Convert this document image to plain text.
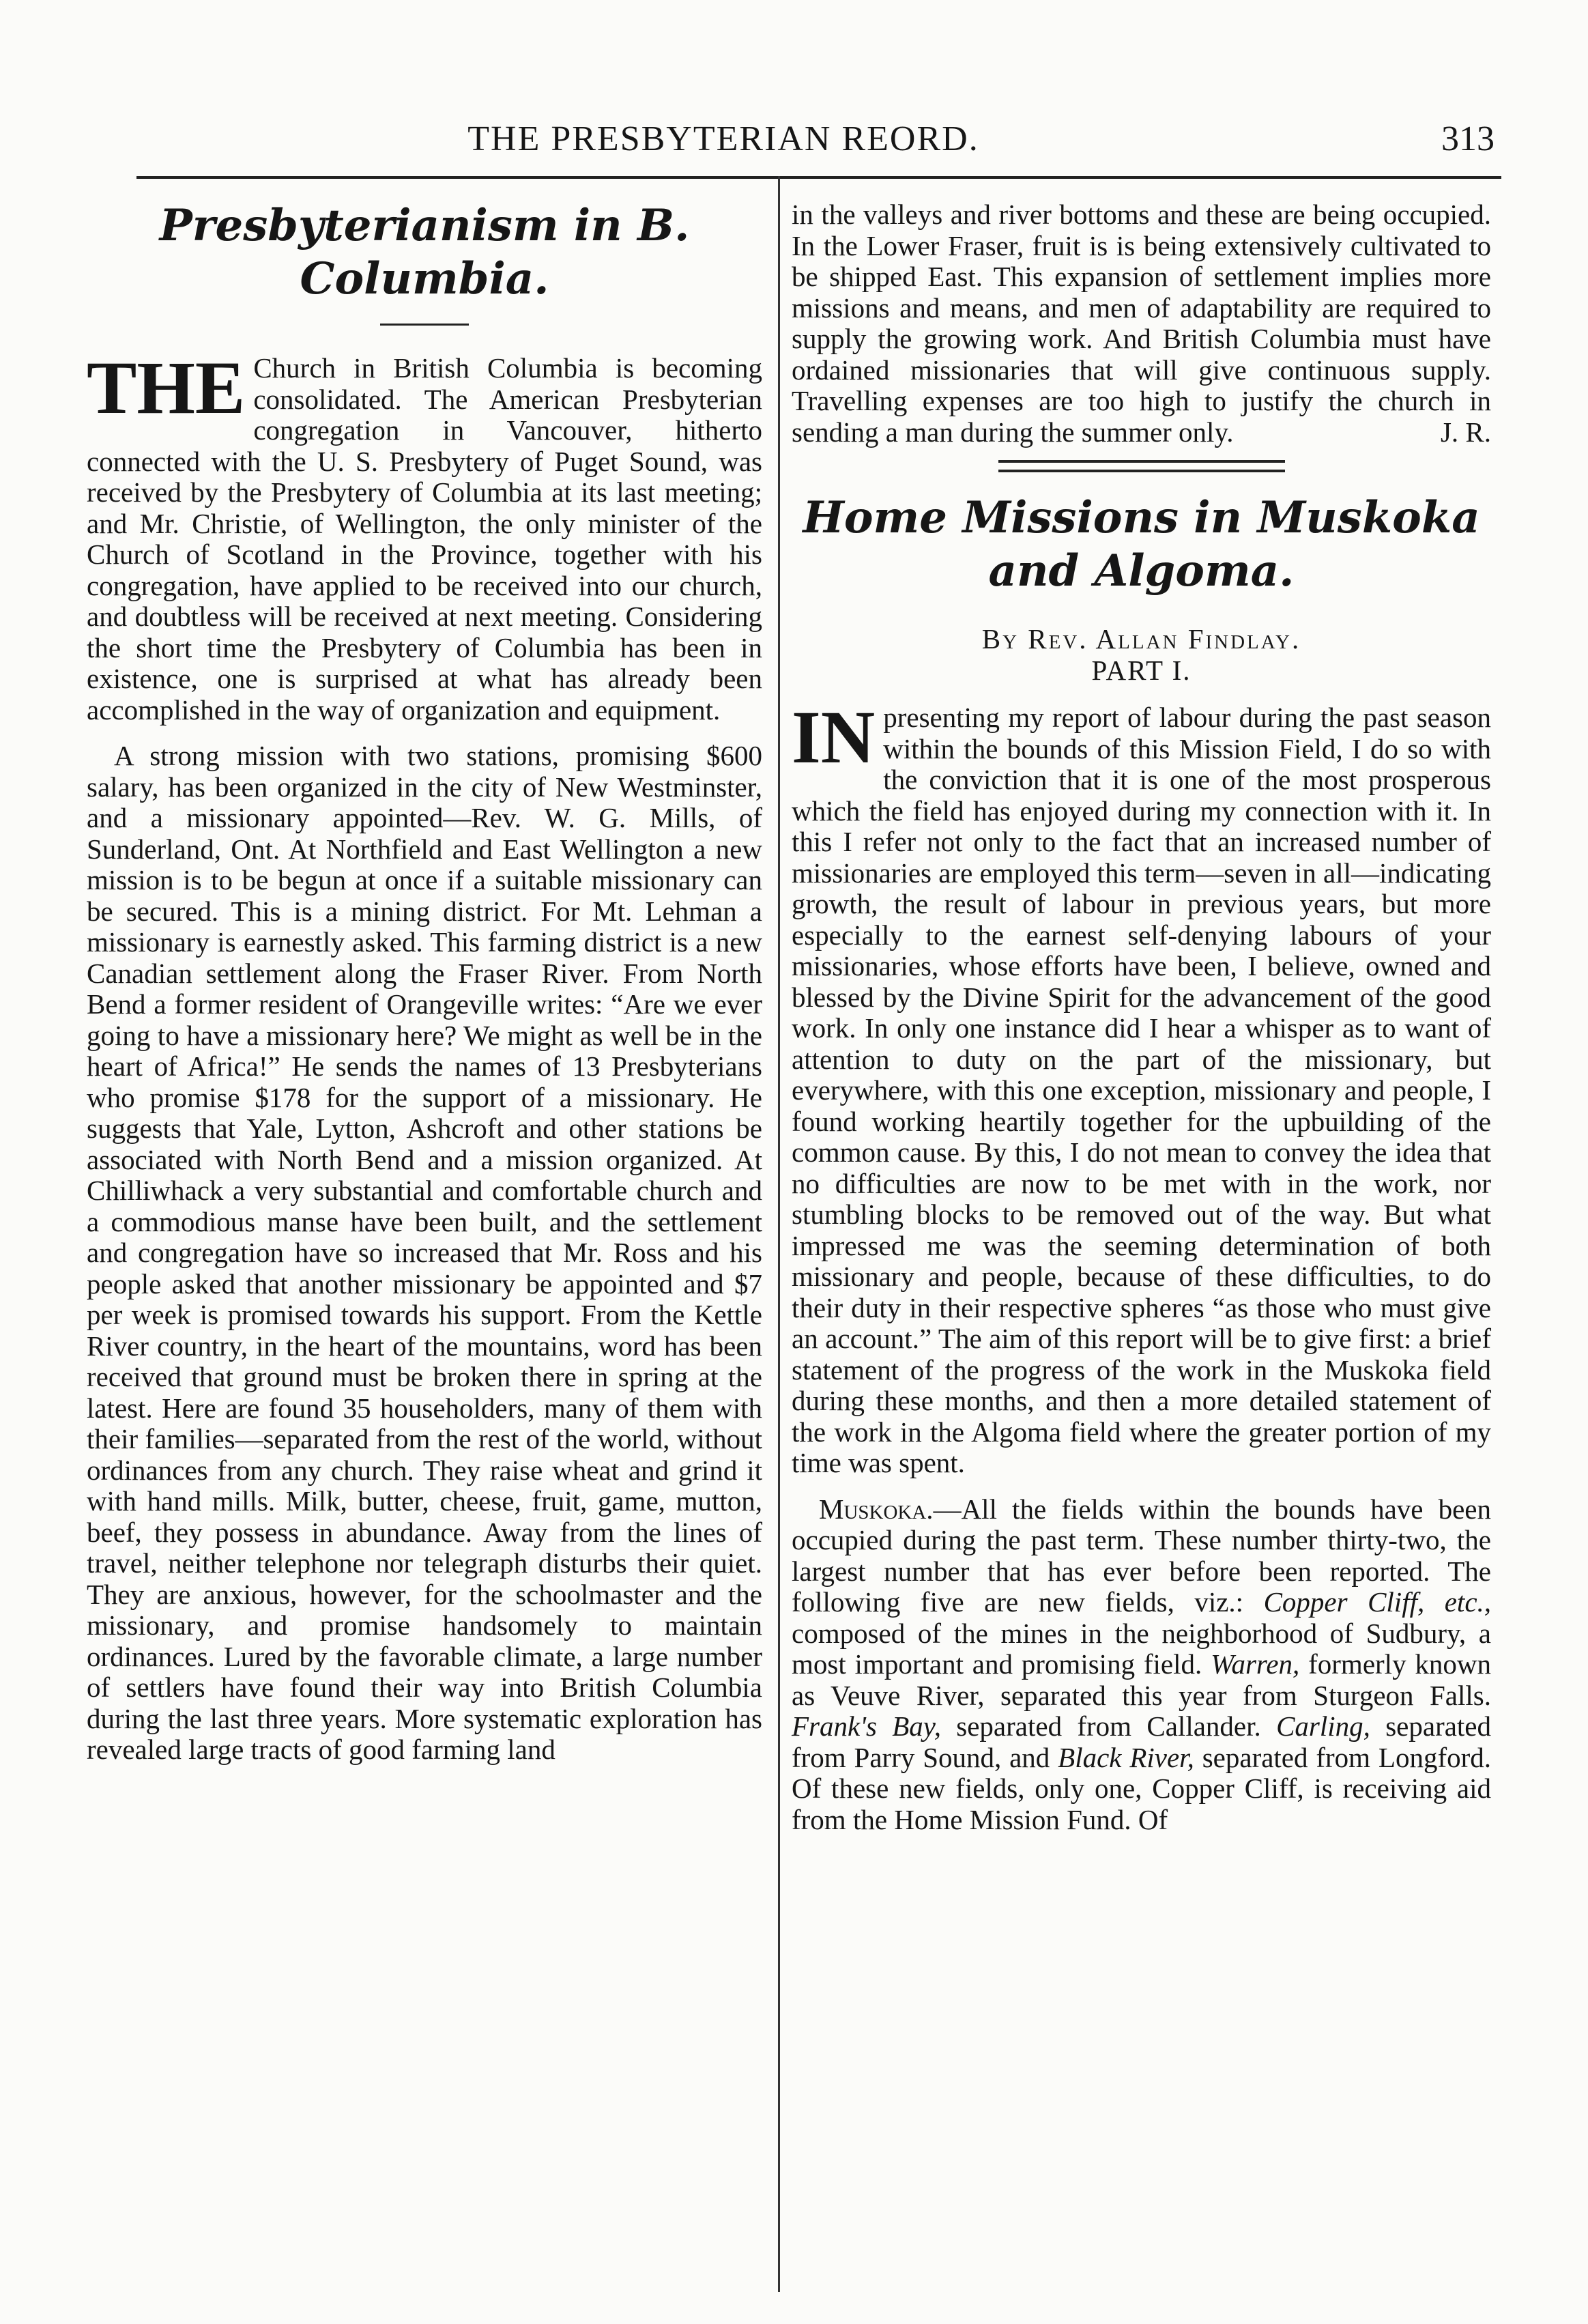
THE PRESBYTERIAN REORD.	313
Presbyterianism in B. Columbia.

THE Church in British Columbia is becoming consolidated. The American Presbyterian congregation in Vancouver, hitherto connected with the U. S. Presbytery of Puget Sound, was received by the Presbytery of Columbia at its last meeting; and Mr. Christie, of Wellington, the only minister of the Church of Scotland in the Province, together with his congregation, have applied to be received into our church, and doubtless will be received at next meeting. Considering the short time the Presbytery of Columbia has been in existence, one is surprised at what has already been accomplished in the way of organization and equipment.

A strong mission with two stations, promising $600 salary, has been organized in the city of New Westminster, and a missionary appointed—Rev. W. G. Mills, of Sunderland, Ont. At Northfield and East Wellington a new mission is to be begun at once if a suitable missionary can be secured. This is a mining district. For Mt. Lehman a missionary is earnestly asked. This farming district is a new Canadian settlement along the Fraser River. From North Bend a former resident of Orangeville writes: “Are we ever going to have a missionary here? We might as well be in the heart of Africa!” He sends the names of 13 Presbyterians who promise $178 for the support of a missionary. He suggests that Yale, Lytton, Ashcroft and other stations be associated with North Bend and a mission organized. At Chilliwhack a very substantial and comfortable church and a commodious manse have been built, and the settlement and congregation have so increased that Mr. Ross and his people asked that another missionary be appointed and $7 per week is promised towards his support. From the Kettle River country, in the heart of the mountains, word has been received that ground must be broken there in spring at the latest. Here are found 35 householders, many of them with their families—separated from the rest of the world, without ordinances from any church. They raise wheat and grind it with hand mills. Milk, butter, cheese, fruit, game, mutton, beef, they possess in abundance. Away from the lines of travel, neither telephone nor telegraph disturbs their quiet. They are anxious, however, for the schoolmaster and the missionary, and promise handsomely to maintain ordinances. Lured by the favorable climate, a large number of settlers have found their way into British Columbia during the last three years. More systematic exploration has revealed large tracts of good farming land

in the valleys and river bottoms and these are being occupied. In the Lower Fraser, fruit is is being extensively cultivated to be shipped East. This expansion of settlement implies more missions and means, and men of adaptability are required to supply the growing work. And British Columbia must have ordained missionaries that will give continuous supply. Travelling expenses are too high to justify the church in sending a man during the summer only.	J. R.

Home Missions in Muskoka and Algoma.

By Rev. Allan Findlay.

PART I.

IN presenting my report of labour during the past season within the bounds of this Mission Field, I do so with the conviction that it is one of the most prosperous which the field has enjoyed during my connection with it. In this I refer not only to the fact that an increased number of missionaries are employed this term—seven in all—indicating growth, the result of labour in previous years, but more especially to the earnest self-denying labours of your missionaries, whose efforts have been, I believe, owned and blessed by the Divine Spirit for the advancement of the good work. In only one instance did I hear a whisper as to want of attention to duty on the part of the missionary, but everywhere, with this one exception, missionary and people, I found working heartily together for the upbuilding of the common cause. By this, I do not mean to convey the idea that no difficulties are now to be met with in the work, nor stumbling blocks to be removed out of the way. But what impressed me was the seeming determination of both missionary and people, because of these difficulties, to do their duty in their respective spheres “as those who must give an account.” The aim of this report will be to give first: a brief statement of the progress of the work in the Muskoka field during these months, and then a more detailed statement of the work in the Algoma field where the greater portion of my time was spent.

Muskoka.—All the fields within the bounds have been occupied during the past term. These number thirty-two, the largest number that has ever before been reported. The following five are new fields, viz.: Copper Cliff, etc., composed of the mines in the neighborhood of Sudbury, a most important and promising field. Warren, formerly known as Veuve River, separated this year from Sturgeon Falls. Frank's Bay, separated from Callander. Carling, separated from Parry Sound, and Black River, separated from Longford. Of these new fields, only one, Copper Cliff, is receiving aid from the Home Mission Fund. Of
